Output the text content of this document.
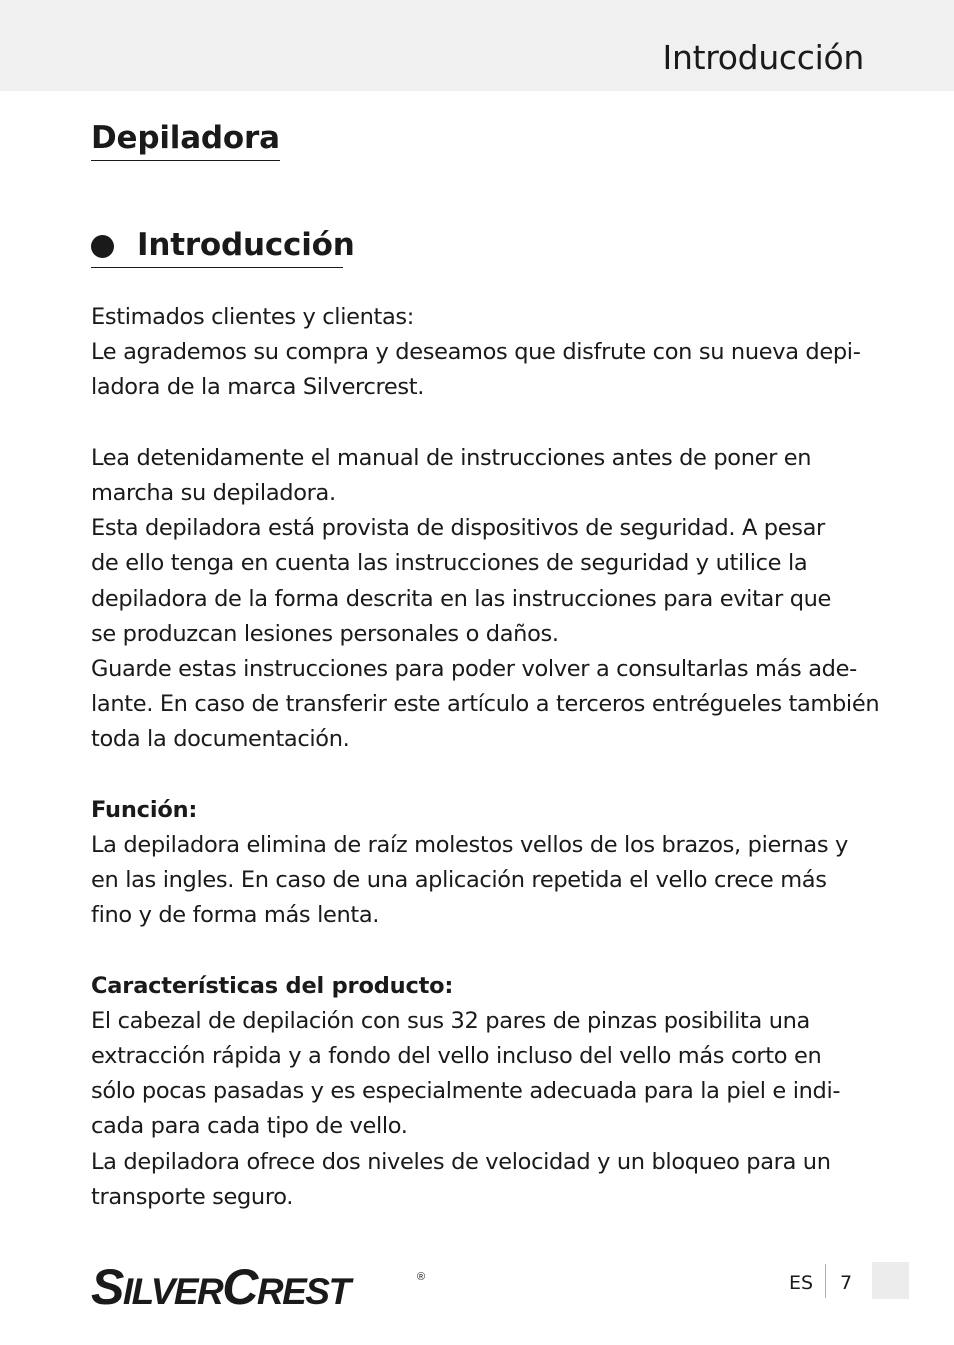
Introducción
Depiladora
Introducción
Estimados clientes y clientas:
Le agrademos su compra y deseamos que disfrute con su nueva depi-
ladora de la marca Silvercrest.
Lea detenidamente el manual de instrucciones antes de poner en
marcha su depiladora.
Esta depiladora está provista de dispositivos de seguridad. A pesar
de ello tenga en cuenta las instrucciones de seguridad y utilice la
depiladora de la forma descrita en las instrucciones para evitar que
se produzcan lesiones personales o daños.
Guarde estas instrucciones para poder volver a consultarlas más ade-
lante. En caso de transferir este artículo a terceros entrégueles también
toda la documentación.
Función:
La depiladora elimina de raíz molestos vellos de los brazos, piernas y
en las ingles. En caso de una aplicación repetida el vello crece más
fino y de forma más lenta.
Características del producto:
El cabezal de depilación con sus 32 pares de pinzas posibilita una
extracción rápida y a fondo del vello incluso del vello más corto en
sólo pocas pasadas y es especialmente adecuada para la piel e indi-
cada para cada tipo de vello.
La depiladora ofrece dos niveles de velocidad y un bloqueo para un
transporte seguro.
SILVERCREST	®	ES 7
